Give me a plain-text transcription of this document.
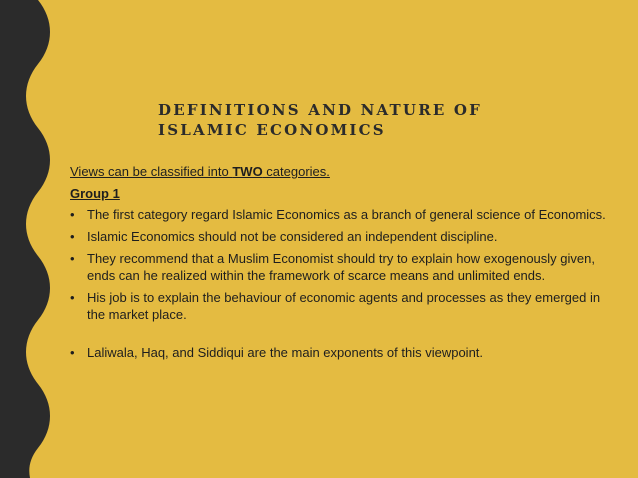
DEFINITIONS AND NATURE OF ISLAMIC ECONOMICS

Views can be classified into TWO categories.

Group 1

• The first category regard Islamic Economics as a branch of general science of Economics.
• Islamic Economics should not be considered an independent discipline.
• They recommend that a Muslim Economist should try to explain how exogenously given, ends can he realized within the framework of scarce means and unlimited ends.
• His job is to explain the behaviour of economic agents and processes as they emerged in the market place.
• Laliwala, Haq, and Siddiqui are the main exponents of this viewpoint.
